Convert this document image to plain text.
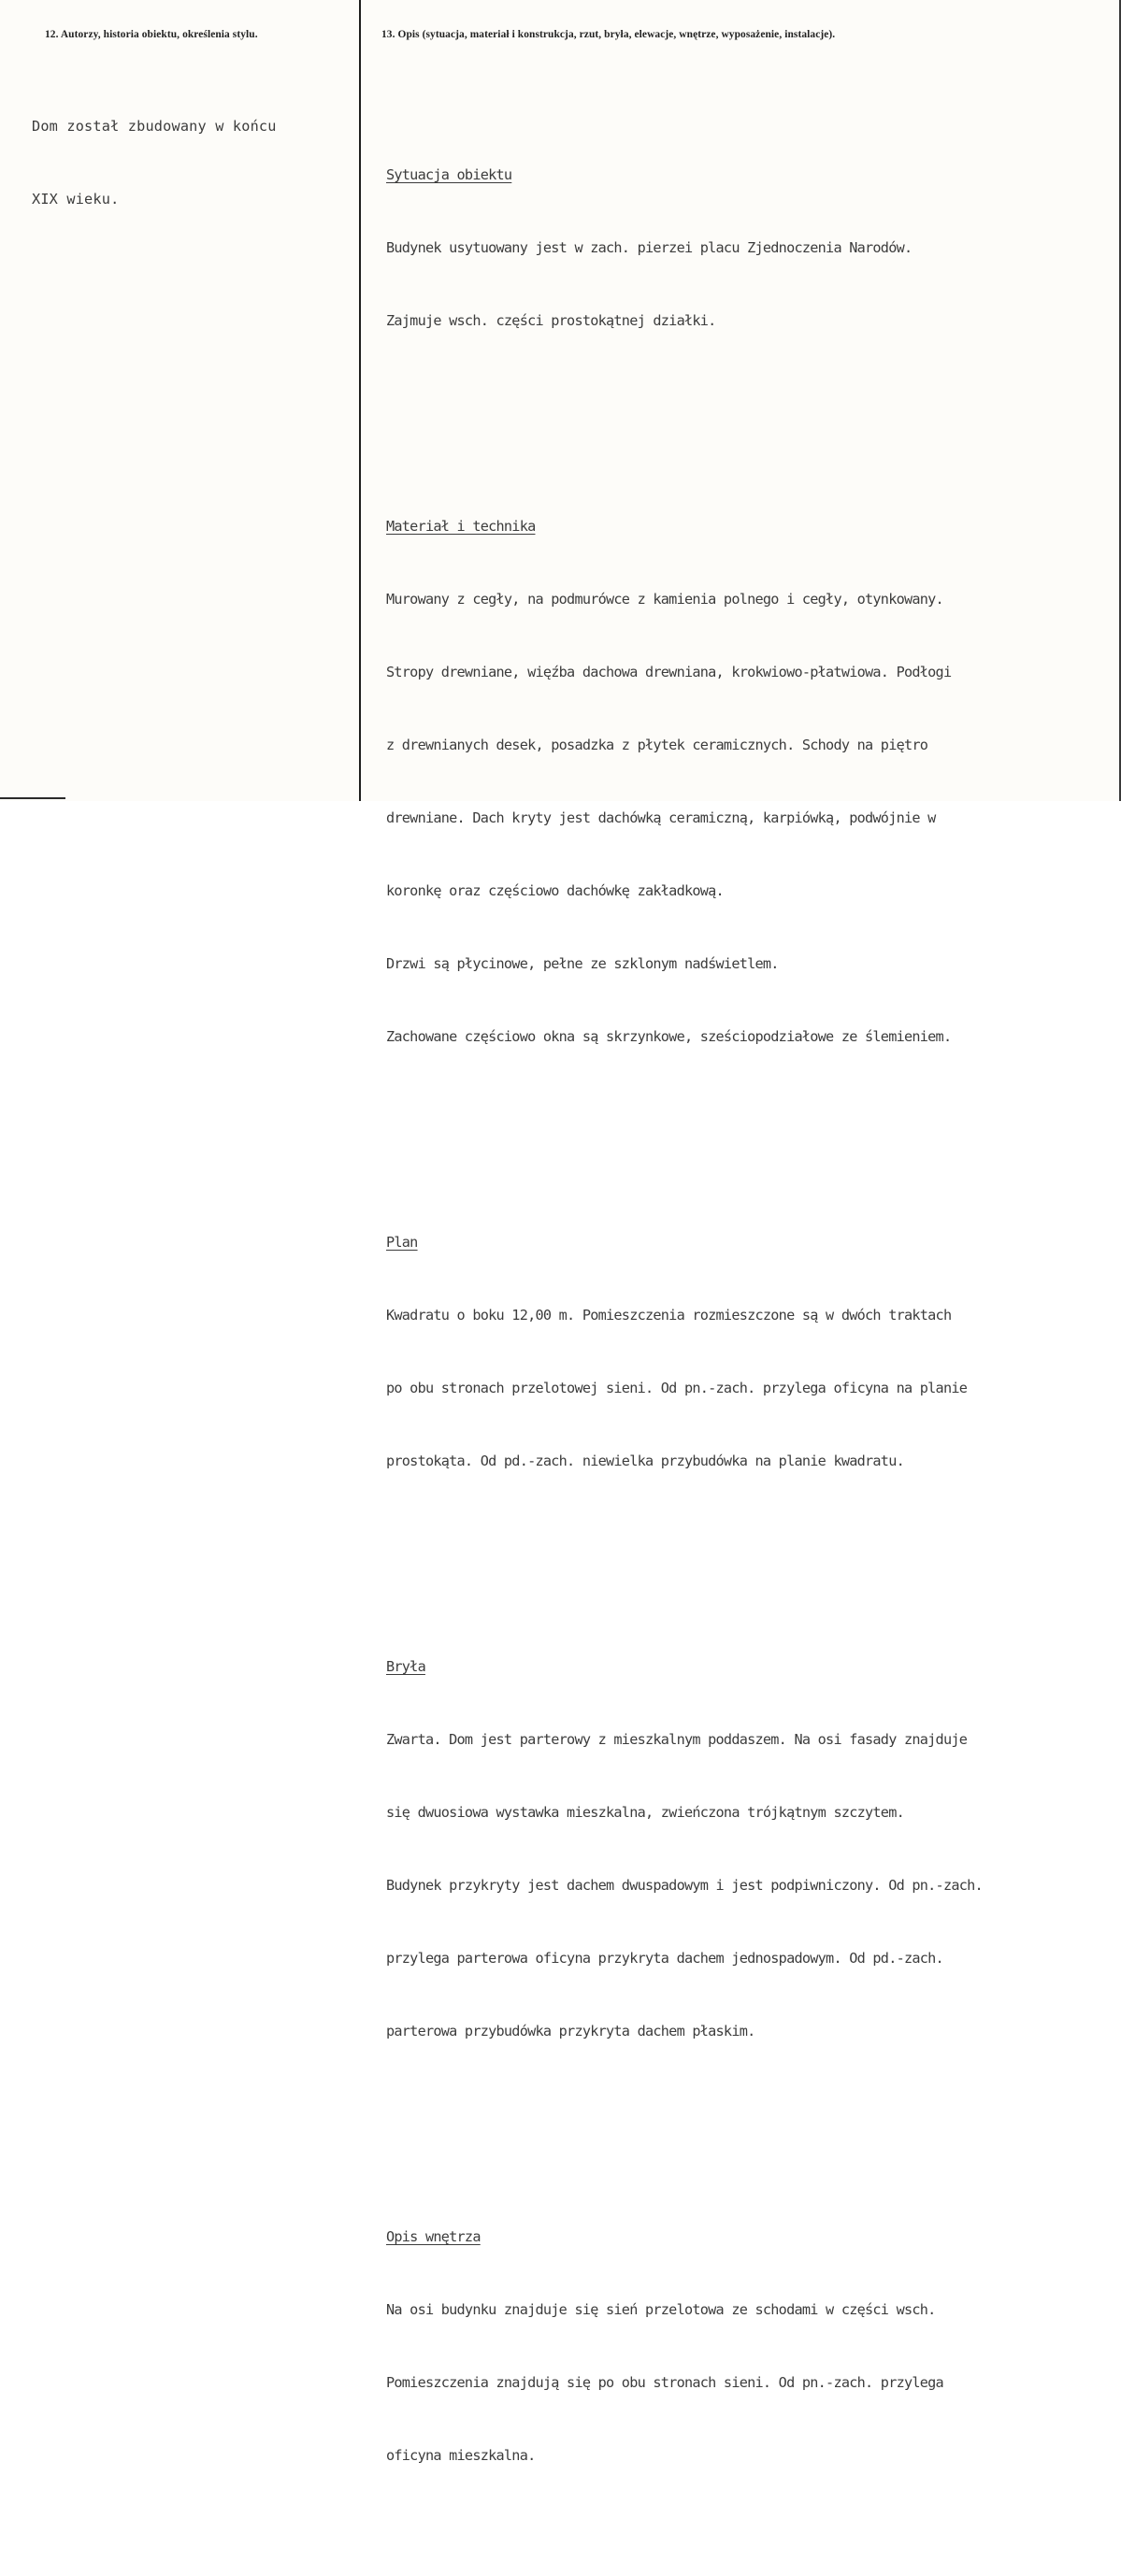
12. Autorzy, historia obiektu, określenia stylu.	13. Opis (sytuacja, materiał i konstrukcja, rzut, bryła, elewacje, wnętrze, wyposażenie, instalacje).

Dom został zbudowany w końcu

XIX wieku.

Sytuacja obiektu

Budynek usytuowany jest w zach. pierzei placu Zjednoczenia Narodów.

Zajmuje wsch. części prostokątnej działki.

Materiał i technika

Murowany z cegły, na podmurówce z kamienia polnego i cegły, otynkowany.

Stropy drewniane, więźba dachowa drewniana, krokwiowo-płatwiowa. Podłogi

z drewnianych desek, posadzka z płytek ceramicznych. Schody na piętro

drewniane. Dach kryty jest dachówką ceramiczną, karpiówką, podwójnie w

koronkę oraz częściowo dachówkę zakładkową.

Drzwi są płycinowe, pełne ze szklonym nadświetlem.

Zachowane częściowo okna są skrzynkowe, sześciopodziałowe ze ślemieniem.

Plan

Kwadratu o boku 12,00 m. Pomieszczenia rozmieszczone są w dwóch traktach

po obu stronach przelotowej sieni. Od pn.-zach. przylega oficyna na planie

prostokąta. Od pd.-zach. niewielka przybudówka na planie kwadratu.

Bryła

Zwarta. Dom jest parterowy z mieszkalnym poddaszem. Na osi fasady znajduje

się dwuosiowa wystawka mieszkalna, zwieńczona trójkątnym szczytem.

Budynek przykryty jest dachem dwuspadowym i jest podpiwniczony. Od pn.-zach.

przylega parterowa oficyna przykryta dachem jednospadowym. Od pd.-zach.

parterowa przybudówka przykryta dachem płaskim.

Opis wnętrza

Na osi budynku znajduje się sień przelotowa ze schodami w części wsch.

Pomieszczenia znajdują się po obu stronach sieni. Od pn.-zach. przylega

oficyna mieszkalna.
